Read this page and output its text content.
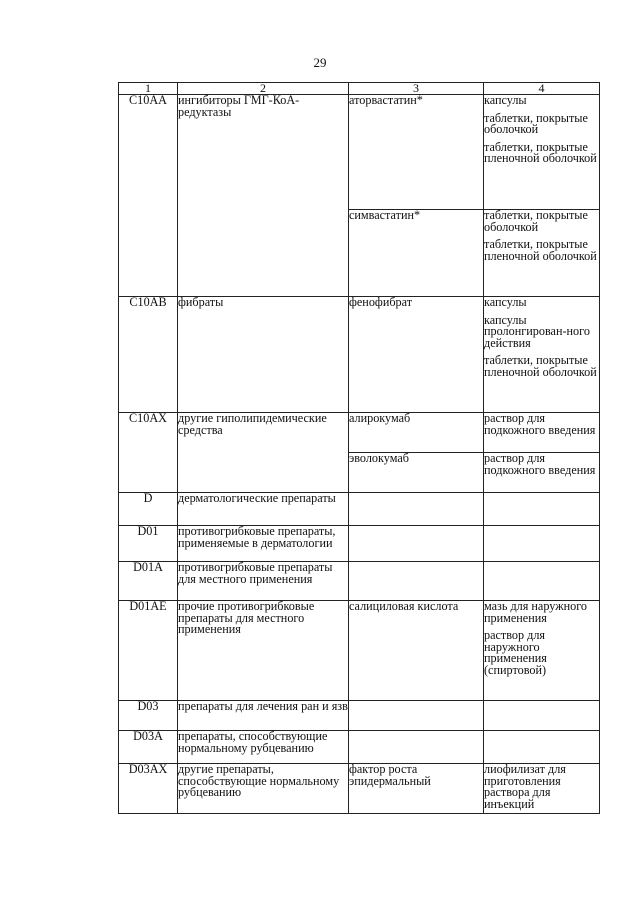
29
1	2	3	4
C10AA	ингибиторы ГМГ-КоА-редуктазы	аторвастатин*	капсулы
таблетки, покрытые оболочкой
таблетки, покрытые пленочной оболочкой

		симвастатин*	таблетки, покрытые оболочкой
таблетки, покрытые пленочной оболочкой

C10AB	фибраты	фенофибрат	капсулы
капсулы пролонгирован-ного действия
таблетки, покрытые пленочной оболочкой

C10AX	другие гиполипидемические средства	алирокумаб	раствор для подкожного введения

		эволокумаб	раствор для подкожного введения

D	дерматологические препараты		
D01	противогрибковые препараты, применяемые в дерматологии		
D01A	противогрибковые препараты для местного применения		
D01AE	прочие противогрибковые препараты для местного применения	салициловая кислота	мазь для наружного применения
раствор для наружного применения (спиртовой)

D03	препараты для лечения ран и язв		
D03A	препараты, способствующие нормальному рубцеванию		
D03AX	другие препараты, способствующие нормальному рубцеванию	фактор роста эпидермальный	лиофилизат для приготовления раствора для инъекций
